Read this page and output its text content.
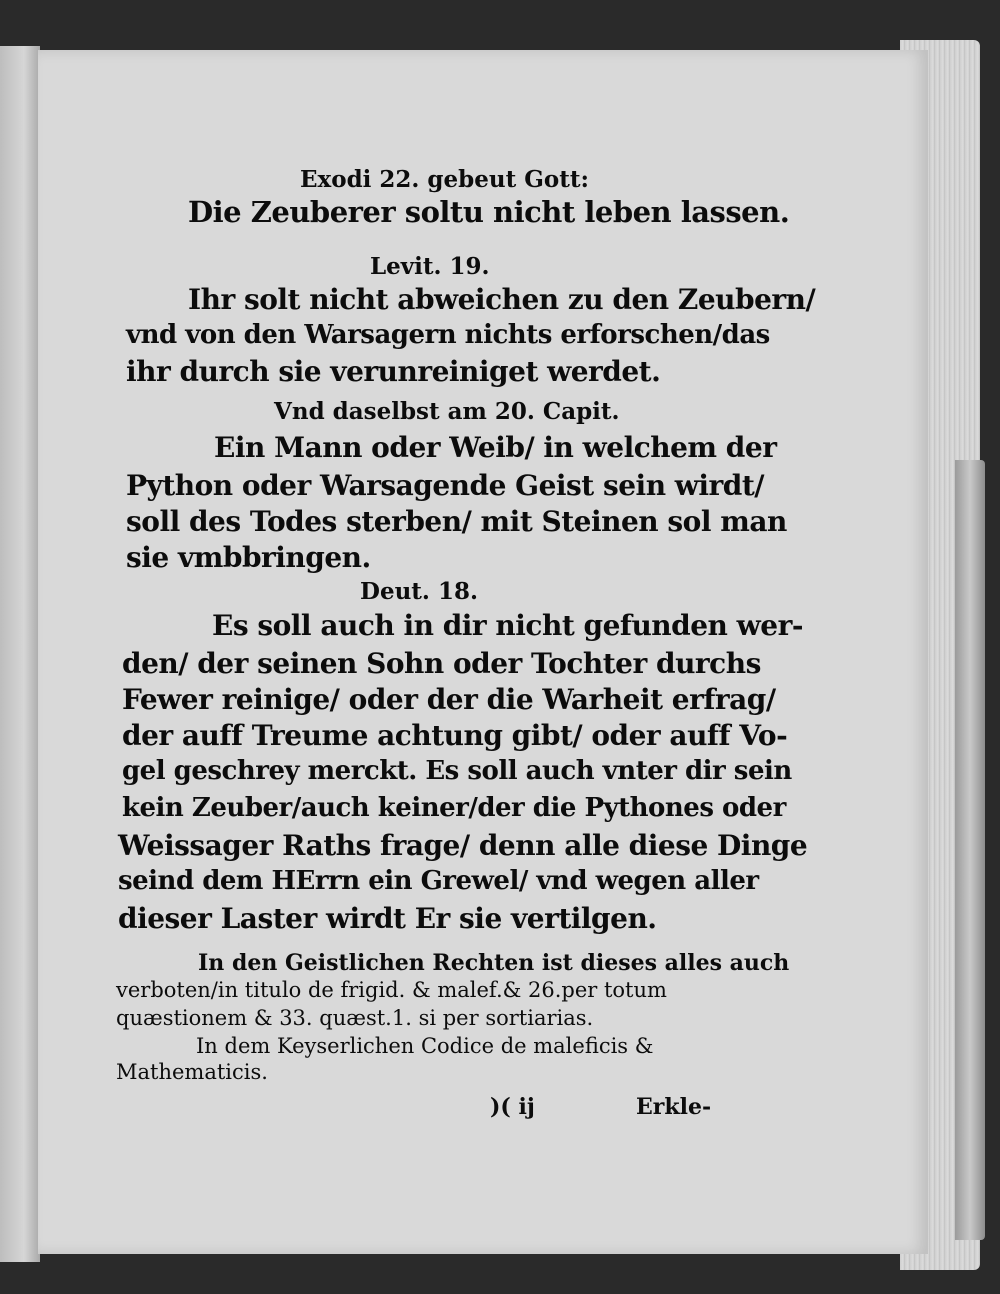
Exodi 22. gebeut Gott:
Die Zeuberer soltu nicht leben lassen.
Levit. 19.
Ihr solt nicht abweichen zu den Zeubern/
vnd von den Warsagern nichts erforschen/das
ihr durch sie verunreiniget werdet.
Vnd daselbst am 20. Capit.
Ein Mann oder Weib/ in welchem der
Python oder Warsagende Geist sein wirdt/
soll des Todes sterben/ mit Steinen sol man
sie vmbbringen.
Deut. 18.
Es soll auch in dir nicht gefunden wer-
den/ der seinen Sohn oder Tochter durchs
Fewer reinige/ oder der die Warheit erfrag/
der auff Treume achtung gibt/ oder auff Vo-
gel geschrey merckt. Es soll auch vnter dir sein
kein Zeuber/auch keiner/der die Pythones oder
Weissager Raths frage/ denn alle diese Dinge
seind dem HErrn ein Grewel/ vnd wegen aller
dieser Laster wirdt Er sie vertilgen.
In den Geistlichen Rechten ist dieses alles auch
verboten/in titulo de frigid. & malef.& 26.per totum
quæstionem & 33. quæst.1. si per sortiarias.
In dem Keyserlichen Codice de maleficis &
Mathematicis.
)( ij	Erkle-
